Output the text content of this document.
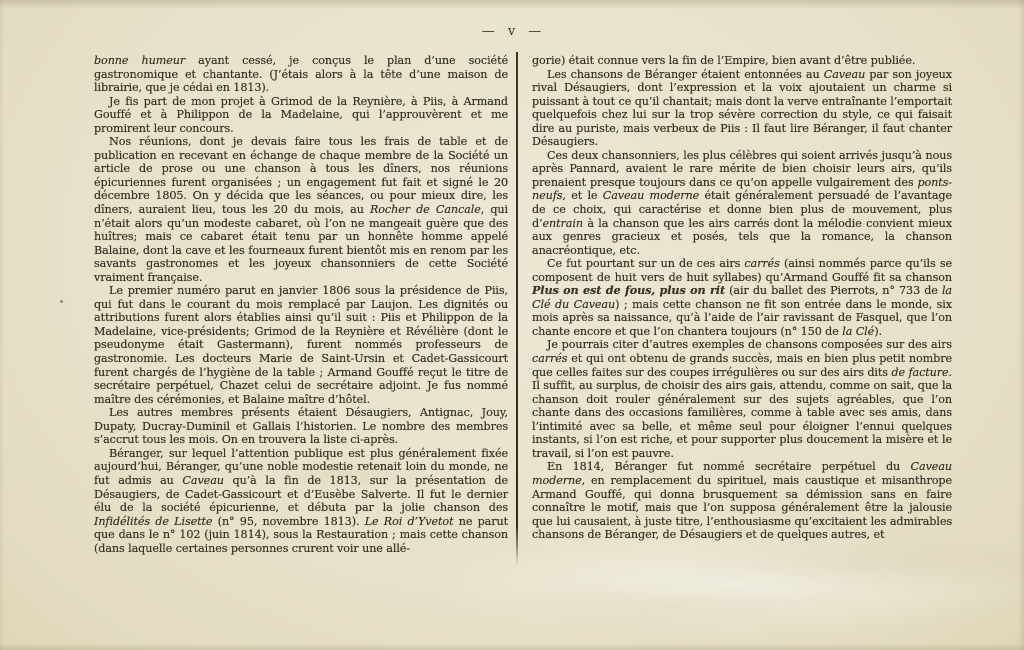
— v —

bonne humeur ayant cessé, je conçus le plan d’une société gastronomique et chantante. (J’étais alors à la tête d’une maison de librairie, que je cédai en 1813).

Je fis part de mon projet à Grimod de la Reynière, à Piis, à Armand Gouffé et à Philippon de la Madelaine, qui l’approuvèrent et me promirent leur concours.

Nos réunions, dont je devais faire tous les frais de table et de publication en recevant en échange de chaque membre de la Société un article de prose ou une chanson à tous les dîners, nos réunions épicuriennes furent organisées ; un engagement fut fait et signé le 20 décembre 1805. On y décida que les séances, ou pour mieux dire, les dîners, auraient lieu, tous les 20 du mois, au Rocher de Cancale, qui n’était alors qu’un modeste cabaret, où l’on ne mangeait guère que des huîtres; mais ce cabaret était tenu par un honnête homme appelé Balaine, dont la cave et les fourneaux furent bientôt mis en renom par les savants gastronomes et les joyeux chansonniers de cette Société vraiment française.

Le premier numéro parut en janvier 1806 sous la présidence de Piis, qui fut dans le courant du mois remplacé par Laujon. Les dignités ou attributions furent alors établies ainsi qu’il suit : Piis et Philippon de la Madelaine, vice-présidents; Grimod de la Reynière et Révélière (dont le pseudonyme était Gastermann), furent nommés professeurs de gastronomie. Les docteurs Marie de Saint-Ursin et Cadet-Gassicourt furent chargés de l’hygiène de la table ; Armand Gouffé reçut le titre de secrétaire perpétuel, Chazet celui de secrétaire adjoint. Je fus nommé maître des cérémonies, et Balaine maître d’hôtel.

Les autres membres présents étaient Désaugiers, Antignac, Jouy, Dupaty, Ducray-Duminil et Gallais l’historien. Le nombre des membres s’accrut tous les mois. On en trouvera la liste ci-après.

Béranger, sur lequel l’attention publique est plus généralement fixée aujourd’hui, Béranger, qu’une noble modestie retenait loin du monde, ne fut admis au Caveau qu’à la fin de 1813, sur la présentation de Désaugiers, de Cadet-Gassicourt et d’Eusèbe Salverte. Il fut le dernier élu de la société épicurienne, et débuta par la jolie chanson des Infidélités de Lisette (n° 95, novembre 1813). Le Roi d’Yvetot ne parut que dans le n° 102 (juin 1814), sous la Restauration ; mais cette chanson (dans laquelle certaines personnes crurent voir une allé-

gorie) était connue vers la fin de l’Empire, bien avant d’être publiée.

Les chansons de Béranger étaient entonnées au Caveau par son joyeux rival Désaugiers, dont l’expression et la voix ajoutaient un charme si puissant à tout ce qu’il chantait; mais dont la verve entraînante l’emportait quelquefois chez lui sur la trop sévère correction du style, ce qui faisait dire au puriste, mais verbeux de Piis : Il faut lire Béranger, il faut chanter Désaugiers.

Ces deux chansonniers, les plus célèbres qui soient arrivés jusqu’à nous après Pannard, avaient le rare mérite de bien choisir leurs airs, qu’ils prenaient presque toujours dans ce qu’on appelle vulgairement des ponts-neufs, et le Caveau moderne était généralement persuadé de l’avantage de ce choix, qui caractérise et donne bien plus de mouvement, plus d’entrain à la chanson que les airs carrés dont la mélodie convient mieux aux genres gracieux et posés, tels que la romance, la chanson anacréontique, etc.

Ce fut pourtant sur un de ces airs carrés (ainsi nommés parce qu’ils se composent de huit vers de huit syllabes) qu’Armand Gouffé fit sa chanson Plus on est de fous, plus on rit (air du ballet des Pierrots, n° 733 de la Clé du Caveau) ; mais cette chanson ne fit son entrée dans le monde, six mois après sa naissance, qu’à l’aide de l’air ravissant de Fasquel, que l’on chante encore et que l’on chantera toujours (n° 150 de la Clé).

Je pourrais citer d’autres exemples de chansons composées sur des airs carrés et qui ont obtenu de grands succès, mais en bien plus petit nombre que celles faites sur des coupes irrégulières ou sur des airs dits de facture. Il suffit, au surplus, de choisir des airs gais, attendu, comme on sait, que la chanson doit rouler généralement sur des sujets agréables, que l’on chante dans des occasions familières, comme à table avec ses amis, dans l’intimité avec sa belle, et même seul pour éloigner l’ennui quelques instants, si l’on est riche, et pour supporter plus doucement la misère et le travail, si l’on est pauvre.

En 1814, Béranger fut nommé secrétaire perpétuel du Caveau moderne, en remplacement du spirituel, mais caustique et misanthrope Armand Gouffé, qui donna brusquement sa démission sans en faire connaître le motif, mais que l’on supposa généralement être la jalousie que lui causaient, à juste titre, l’enthousiasme qu’excitaient les admirables chansons de Béranger, de Désaugiers et de quelques autres, et
